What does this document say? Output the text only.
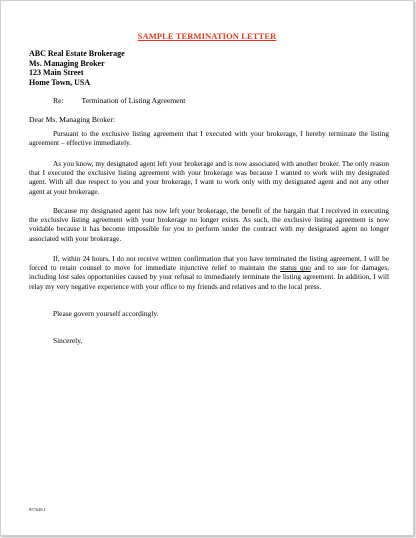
SAMPLE TERMINATION LETTER
ABC Real Estate Brokerage
Ms. Managing Broker
123 Main Street
Home Town, USA
Re: Termination of Listing Agreement
Dear Ms. Managing Broker:

Pursuant to the exclusive listing agreement that I executed with your brokerage, I hereby terminate the listing agreement – effective immediately.

As you know, my designated agent left your brokerage and is now associated with another broker. The only reason that I executed the exclusive listing agreement with your brokerage was because I wanted to work with my designated agent. With all due respect to you and your brokerage, I want to work only with my designated agent and not any other agent at your brokerage.

Because my designated agent has now left your brokerage, the benefit of the bargain that I received in executing the exclusive listing agreement with your brokerage no longer exists. As such, the exclusive listing agreement is now voidable because it has become impossible for you to perform under the contract with my designated agent no longer associated with your brokerage.

If, within 24 hours, I do not receive written confirmation that you have terminated the listing agreement, I will be forced to retain counsel to move for immediate injunctive relief to maintain the status quo and to sue for damages, including lost sales opportunities caused by your refusal to immediately terminate the listing agreement. In addition, I will relay my very negative experience with your office to my friends and relatives and to the local press.

Please govern yourself accordingly.
Sincerely,
857648.1
